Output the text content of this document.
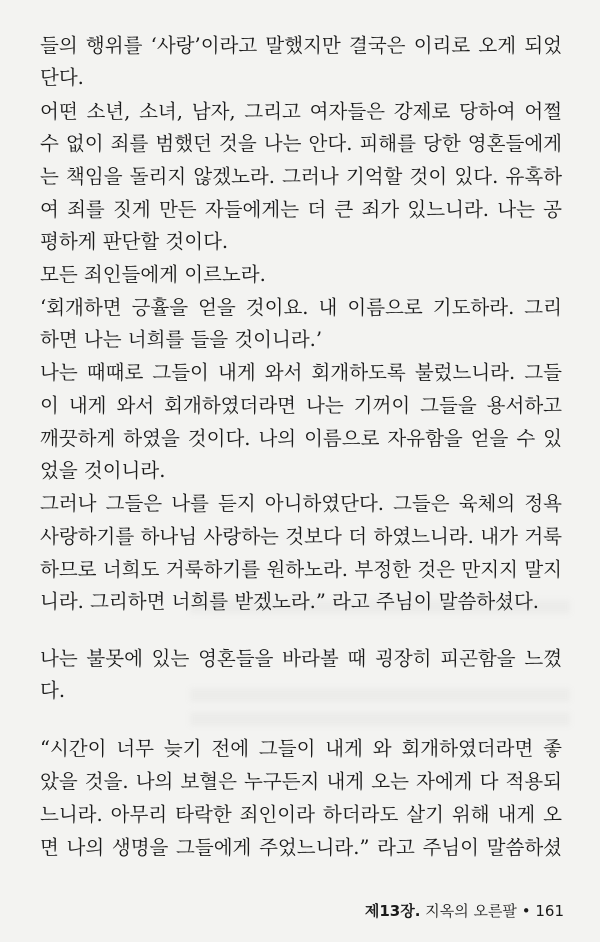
들의 행위를 ‘사랑’이라고 말했지만 결국은 이리로 오게 되었
단다.
어떤 소년, 소녀, 남자, 그리고 여자들은 강제로 당하여 어쩔
수 없이 죄를 범했던 것을 나는 안다. 피해를 당한 영혼들에게
는 책임을 돌리지 않겠노라. 그러나 기억할 것이 있다. 유혹하
여 죄를 짓게 만든 자들에게는 더 큰 죄가 있느니라. 나는 공
평하게 판단할 것이다.
모든 죄인들에게 이르노라.
‘회개하면 긍휼을 얻을 것이요. 내 이름으로 기도하라. 그리
하면 나는 너희를 들을 것이니라.’
나는 때때로 그들이 내게 와서 회개하도록 불렀느니라. 그들
이 내게 와서 회개하였더라면 나는 기꺼이 그들을 용서하고
깨끗하게 하였을 것이다. 나의 이름으로 자유함을 얻을 수 있
었을 것이니라.
그러나 그들은 나를 듣지 아니하였단다. 그들은 육체의 정욕
사랑하기를 하나님 사랑하는 것보다 더 하였느니라. 내가 거룩
하므로 너희도 거룩하기를 원하노라. 부정한 것은 만지지 말지
니라. 그리하면 너희를 받겠노라.” 라고 주님이 말씀하셨다.
나는 불못에 있는 영혼들을 바라볼 때 굉장히 피곤함을 느꼈
다.
“시간이 너무 늦기 전에 그들이 내게 와 회개하였더라면 좋
았을 것을. 나의 보혈은 누구든지 내게 오는 자에게 다 적용되
느니라. 아무리 타락한 죄인이라 하더라도 살기 위해 내게 오
면 나의 생명을 그들에게 주었느니라.” 라고 주님이 말씀하셨
제13장. 지옥의 오른팔 • 161
